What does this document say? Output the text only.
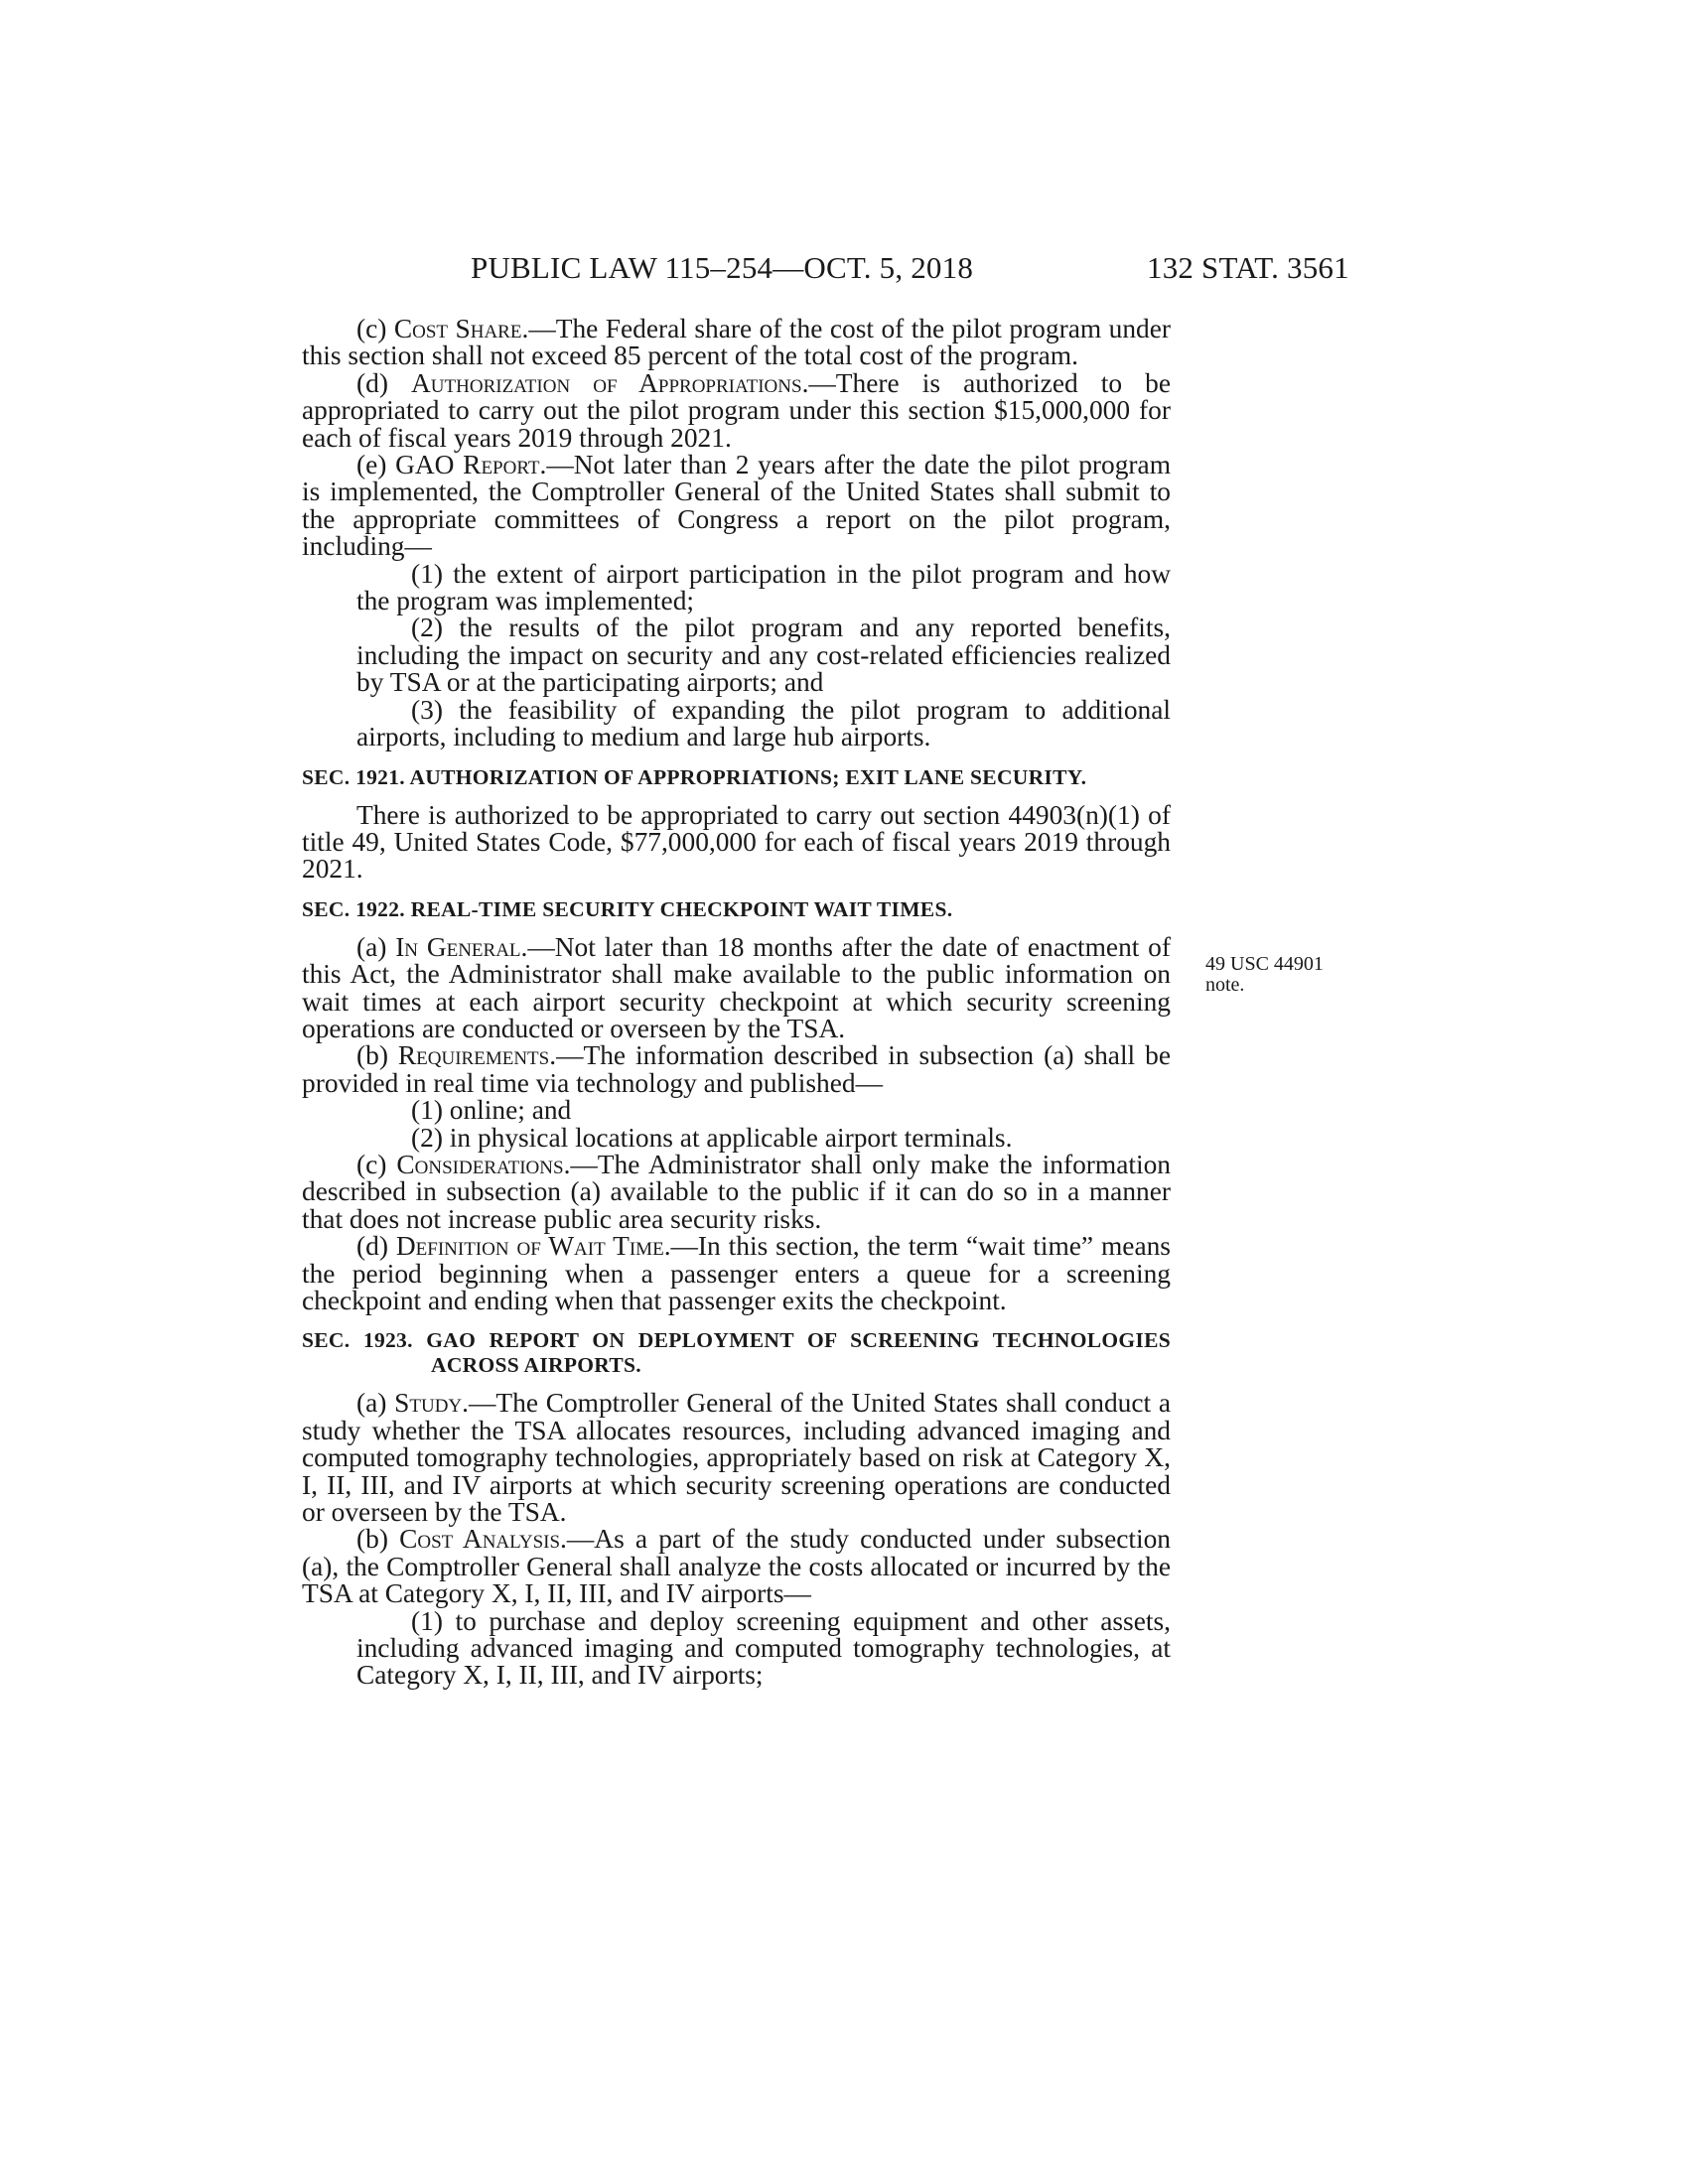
PUBLIC LAW 115–254—OCT. 5, 2018	132 STAT. 3561
49 USC 44901
note.

(c) Cost Share.—The Federal share of the cost of the pilot program under this section shall not exceed 85 percent of the total cost of the program.

(d) Authorization of Appropriations.—There is authorized to be appropriated to carry out the pilot program under this section $15,000,000 for each of fiscal years 2019 through 2021.

(e) GAO Report.—Not later than 2 years after the date the pilot program is implemented, the Comptroller General of the United States shall submit to the appropriate committees of Congress a report on the pilot program, including—

(1) the extent of airport participation in the pilot program and how the program was implemented;

(2) the results of the pilot program and any reported benefits, including the impact on security and any cost-related efficiencies realized by TSA or at the participating airports; and

(3) the feasibility of expanding the pilot program to additional airports, including to medium and large hub airports.

SEC. 1921. AUTHORIZATION OF APPROPRIATIONS; EXIT LANE SECURITY.

There is authorized to be appropriated to carry out section 44903(n)(1) of title 49, United States Code, $77,000,000 for each of fiscal years 2019 through 2021.

SEC. 1922. REAL-TIME SECURITY CHECKPOINT WAIT TIMES.

(a) In General.—Not later than 18 months after the date of enactment of this Act, the Administrator shall make available to the public information on wait times at each airport security checkpoint at which security screening operations are conducted or overseen by the TSA.

(b) Requirements.—The information described in subsection (a) shall be provided in real time via technology and published—

(1) online; and

(2) in physical locations at applicable airport terminals.

(c) Considerations.—The Administrator shall only make the information described in subsection (a) available to the public if it can do so in a manner that does not increase public area security risks.

(d) Definition of Wait Time.—In this section, the term “wait time” means the period beginning when a passenger enters a queue for a screening checkpoint and ending when that passenger exits the checkpoint.

SEC. 1923. GAO REPORT ON DEPLOYMENT OF SCREENING TECHNOLOGIES ACROSS AIRPORTS.

(a) Study.—The Comptroller General of the United States shall conduct a study whether the TSA allocates resources, including advanced imaging and computed tomography technologies, appropriately based on risk at Category X, I, II, III, and IV airports at which security screening operations are conducted or overseen by the TSA.

(b) Cost Analysis.—As a part of the study conducted under subsection (a), the Comptroller General shall analyze the costs allocated or incurred by the TSA at Category X, I, II, III, and IV airports—

(1) to purchase and deploy screening equipment and other assets, including advanced imaging and computed tomography technologies, at Category X, I, II, III, and IV airports;
